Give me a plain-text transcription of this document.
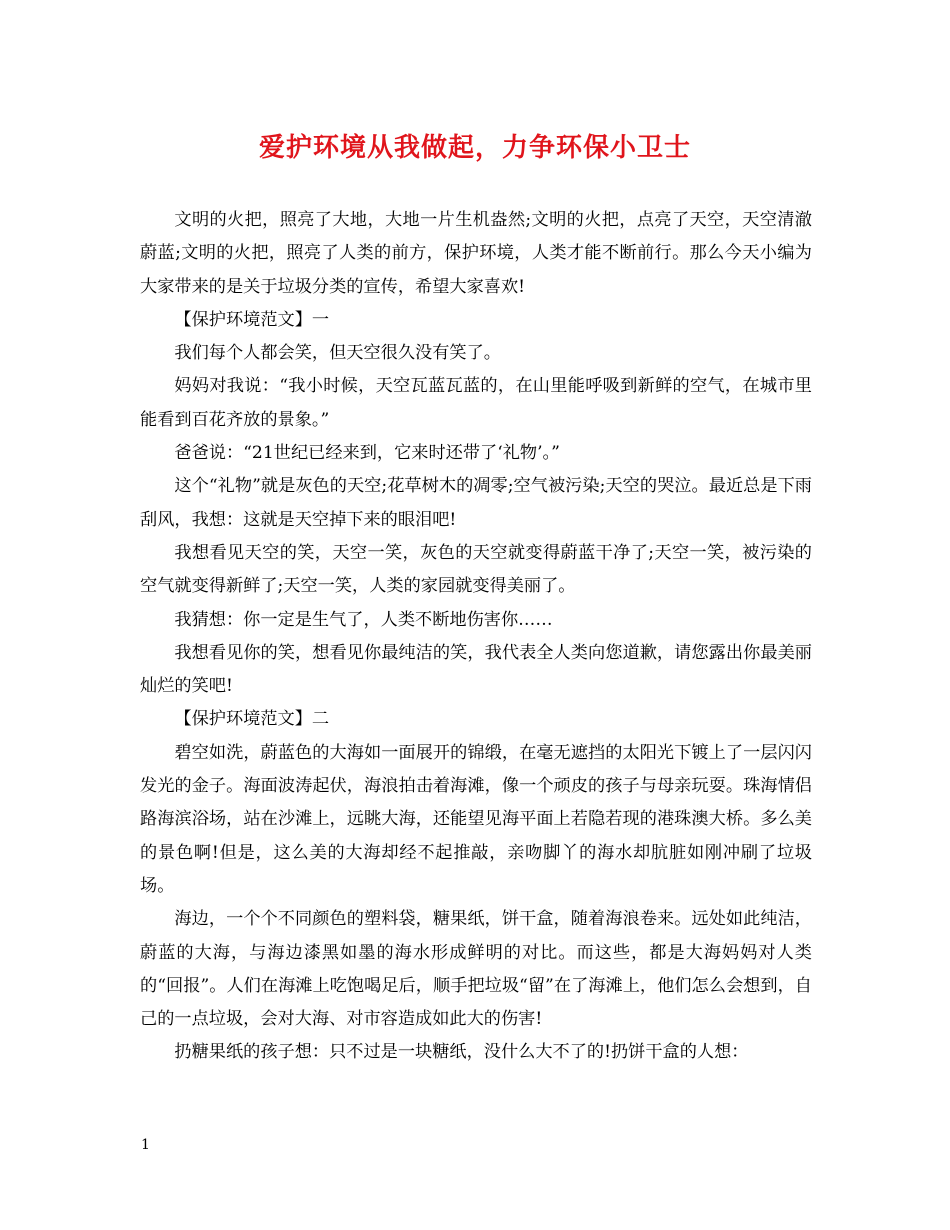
爱护环境从我做起，力争环保小卫士

文明的火把，照亮了大地，大地一片生机盎然;文明的火把，点亮了天空，天空清澈蔚蓝;文明的火把，照亮了人类的前方，保护环境，人类才能不断前行。那么今天小编为大家带来的是关于垃圾分类的宣传，希望大家喜欢!

【保护环境范文】一

我们每个人都会笑，但天空很久没有笑了。

妈妈对我说：“我小时候，天空瓦蓝瓦蓝的，在山里能呼吸到新鲜的空气，在城市里能看到百花齐放的景象。”

爸爸说：“21世纪已经来到，它来时还带了‘礼物’。”

这个“礼物”就是灰色的天空;花草树木的凋零;空气被污染;天空的哭泣。最近总是下雨刮风，我想：这就是天空掉下来的眼泪吧!

我想看见天空的笑，天空一笑，灰色的天空就变得蔚蓝干净了;天空一笑，被污染的空气就变得新鲜了;天空一笑，人类的家园就变得美丽了。

我猜想：你一定是生气了，人类不断地伤害你……

我想看见你的笑，想看见你最纯洁的笑，我代表全人类向您道歉，请您露出你最美丽灿烂的笑吧!

【保护环境范文】二

碧空如洗，蔚蓝色的大海如一面展开的锦缎，在毫无遮挡的太阳光下镀上了一层闪闪发光的金子。海面波涛起伏，海浪拍击着海滩，像一个顽皮的孩子与母亲玩耍。珠海情侣路海滨浴场，站在沙滩上，远眺大海，还能望见海平面上若隐若现的港珠澳大桥。多么美的景色啊!但是，这么美的大海却经不起推敲，亲吻脚丫的海水却肮脏如刚冲刷了垃圾场。

海边，一个个不同颜色的塑料袋，糖果纸，饼干盒，随着海浪卷来。远处如此纯洁，蔚蓝的大海，与海边漆黑如墨的海水形成鲜明的对比。而这些，都是大海妈妈对人类的“回报”。人们在海滩上吃饱喝足后，顺手把垃圾“留”在了海滩上，他们怎么会想到，自己的一点垃圾，会对大海、对市容造成如此大的伤害!

扔糖果纸的孩子想：只不过是一块糖纸，没什么大不了的!扔饼干盒的人想：

1
